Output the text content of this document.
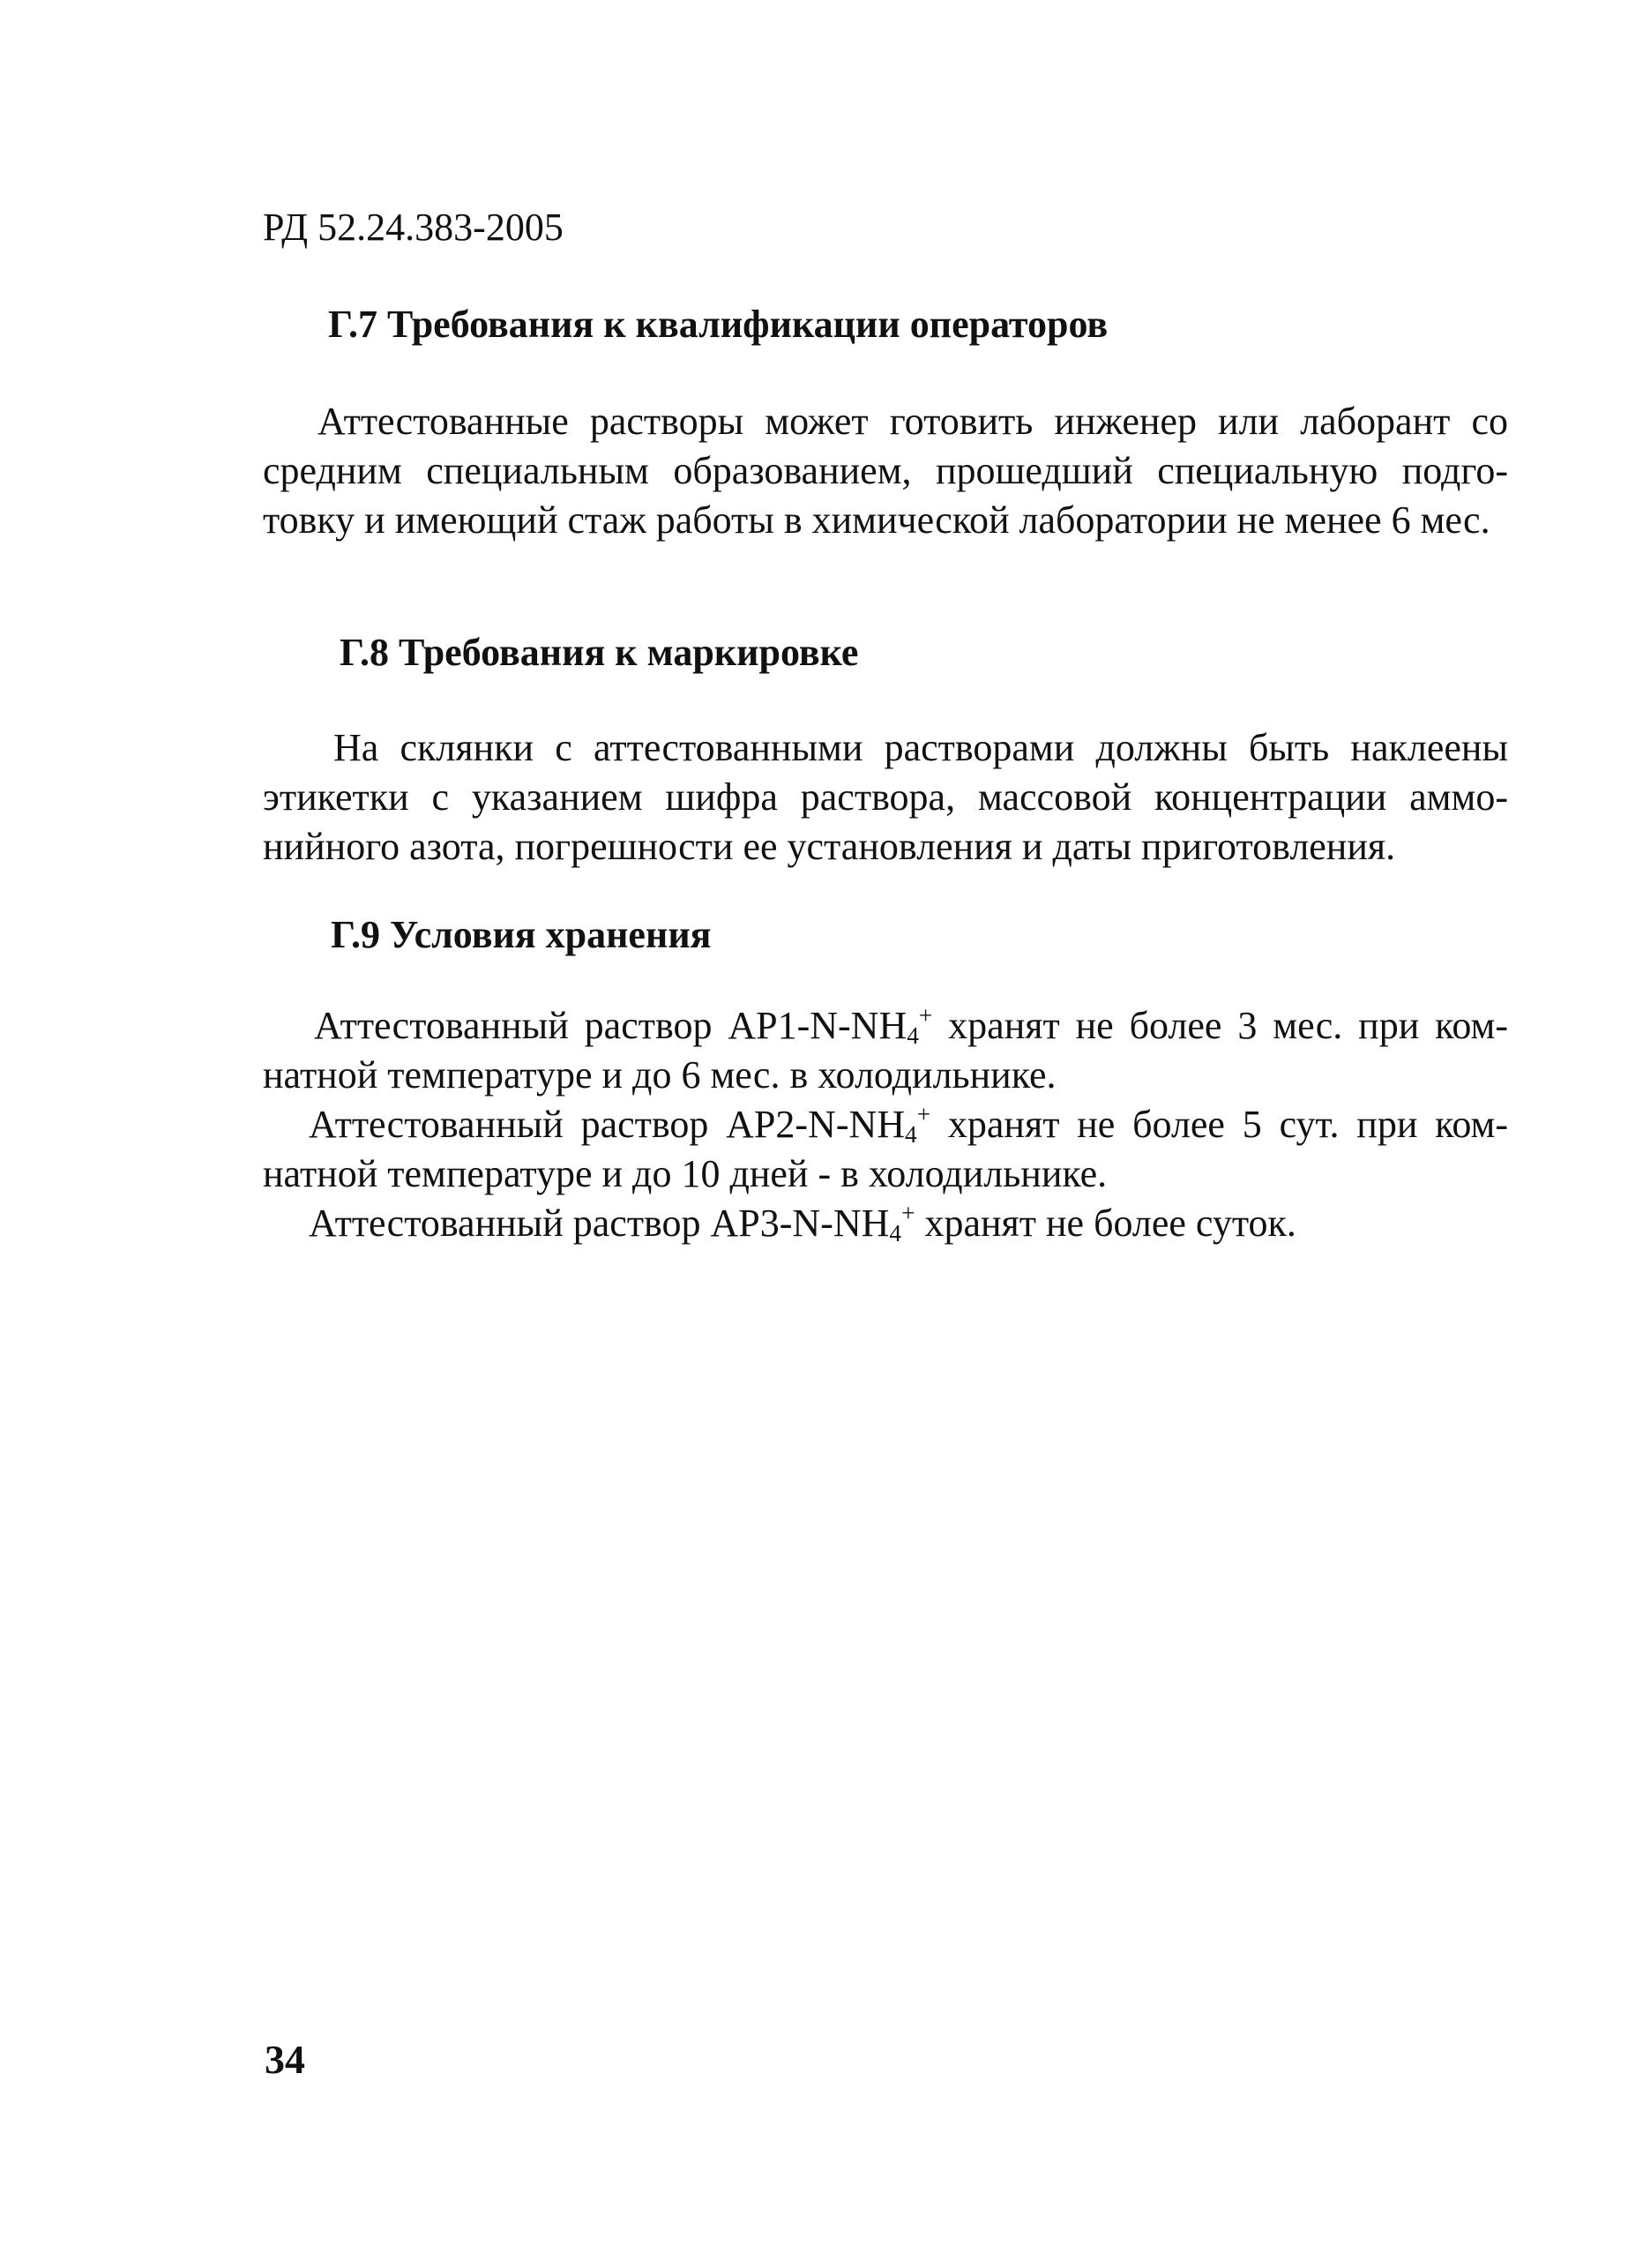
РД 52.24.383-2005
Г.7 Требования к квалификации операторов
Аттестованные растворы может готовить инженер или лаборант со средним специальным образованием, прошедший специальную подго-товку и имеющий стаж работы в химической лаборатории не менее 6 мес.
Г.8 Требования к маркировке
На склянки с аттестованными растворами должны быть наклеены этикетки с указанием шифра раствора, массовой концентрации аммо-нийного азота, погрешности ее установления и даты приготовления.
Г.9 Условия хранения
Аттестованный раствор $АР1-N-NH_4^+$ хранят не более 3 мес. при ком-натной температуре и до 6 мес. в холодильнике.
Аттестованный раствор $АР2-N-NH_4^+$ хранят не более 5 сут. при ком-натной температуре и до 10 дней - в холодильнике.
Аттестованный раствор $АР3-N-NH_4^+$ хранят не более суток.
34
